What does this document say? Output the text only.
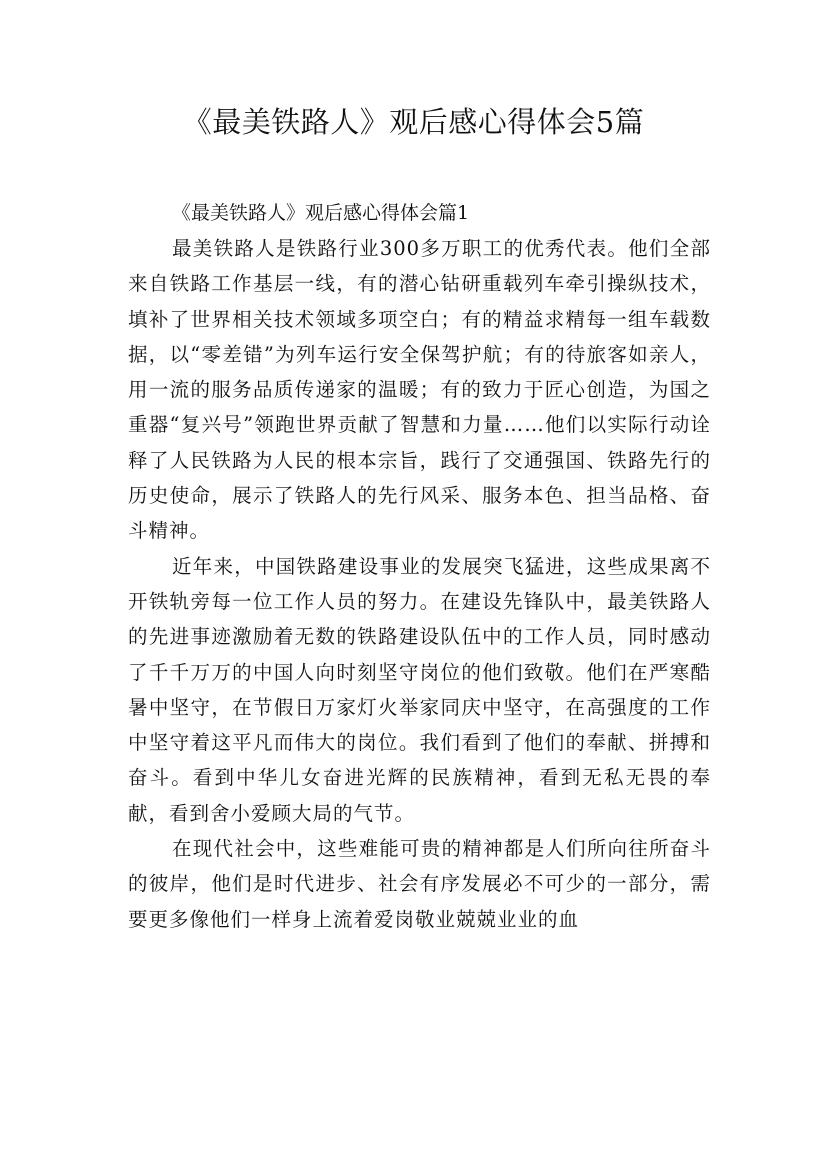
《最美铁路人》观后感心得体会5篇

《最美铁路人》观后感心得体会篇1

最美铁路人是铁路行业300多万职工的优秀代表。他们全部来自铁路工作基层一线，有的潜心钻研重载列车牵引操纵技术，填补了世界相关技术领域多项空白；有的精益求精每一组车载数据，以“零差错”为列车运行安全保驾护航；有的待旅客如亲人，用一流的服务品质传递家的温暖；有的致力于匠心创造，为国之重器“复兴号”领跑世界贡献了智慧和力量……他们以实际行动诠释了人民铁路为人民的根本宗旨，践行了交通强国、铁路先行的历史使命，展示了铁路人的先行风采、服务本色、担当品格、奋斗精神。

近年来，中国铁路建设事业的发展突飞猛进，这些成果离不开铁轨旁每一位工作人员的努力。在建设先锋队中，最美铁路人的先进事迹激励着无数的铁路建设队伍中的工作人员，同时感动了千千万万的中国人向时刻坚守岗位的他们致敬。他们在严寒酷暑中坚守，在节假日万家灯火举家同庆中坚守，在高强度的工作中坚守着这平凡而伟大的岗位。我们看到了他们的奉献、拼搏和奋斗。看到中华儿女奋进光辉的民族精神，看到无私无畏的奉献，看到舍小爱顾大局的气节。

在现代社会中，这些难能可贵的精神都是人们所向往所奋斗的彼岸，他们是时代进步、社会有序发展必不可少的一部分，需要更多像他们一样身上流着爱岗敬业兢兢业业的血
